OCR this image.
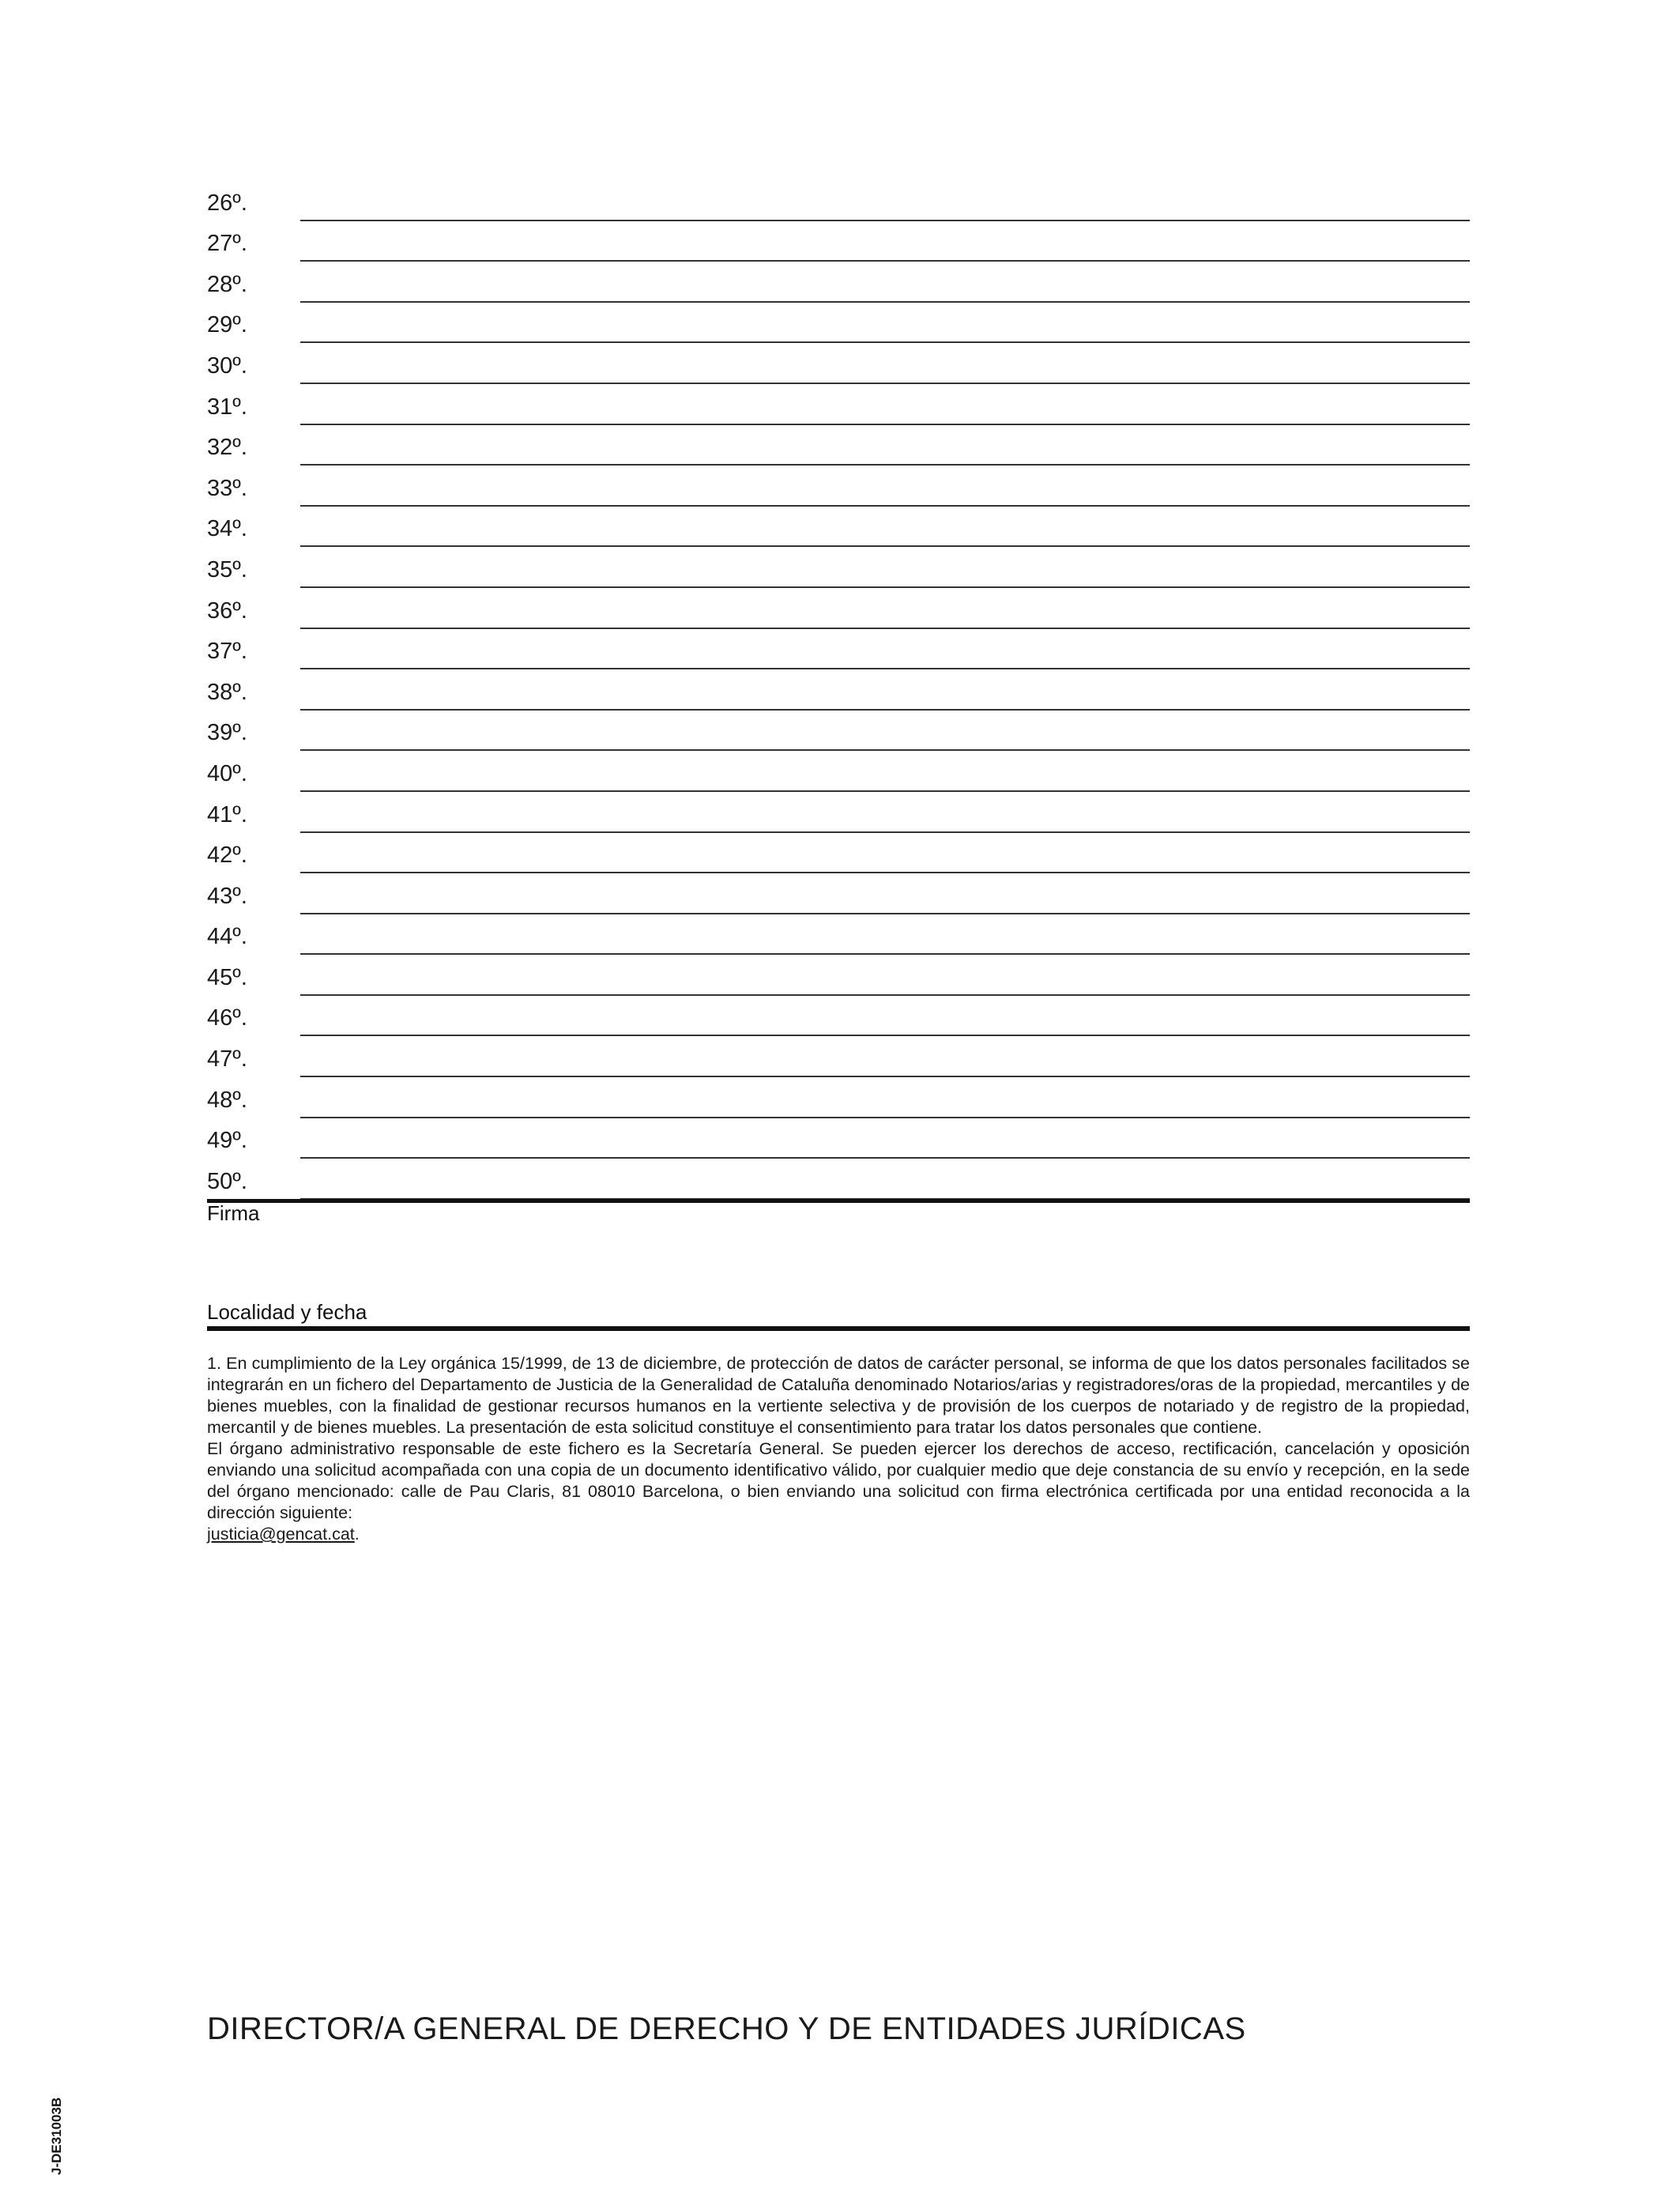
26º.
27º.
28º.
29º.
30º.
31º.
32º.
33º.
34º.
35º.
36º.
37º.
38º.
39º.
40º.
41º.
42º.
43º.
44º.
45º.
46º.
47º.
48º.
49º.
50º.
Firma
Localidad y fecha

1. En cumplimiento de la Ley orgánica 15/1999, de 13 de diciembre, de protección de datos de carácter personal, se informa de que los datos personales facilitados se integrarán en un fichero del Departamento de Justicia de la Generalidad de Cataluña denominado Notarios/arias y registradores/oras de la propiedad, mercantiles y de bienes muebles, con la finalidad de gestionar recursos humanos en la vertiente selectiva y de provisión de los cuerpos de notariado y de registro de la propiedad, mercantil y de bienes muebles. La presentación de esta solicitud constituye el consentimiento para tratar los datos personales que contiene.

El órgano administrativo responsable de este fichero es la Secretaría General. Se pueden ejercer los derechos de acceso, rectificación, cancelación y oposición enviando una solicitud acompañada con una copia de un documento identificativo válido, por cualquier medio que deje constancia de su envío y recepción, en la sede del órgano mencionado: calle de Pau Claris, 81 08010 Barcelona, o bien enviando una solicitud con firma electrónica certificada por una entidad reconocida a la dirección siguiente:

justicia@gencat.cat.

DIRECTOR/A GENERAL DE DERECHO Y DE ENTIDADES JURÍDICAS
J-DE31003B
